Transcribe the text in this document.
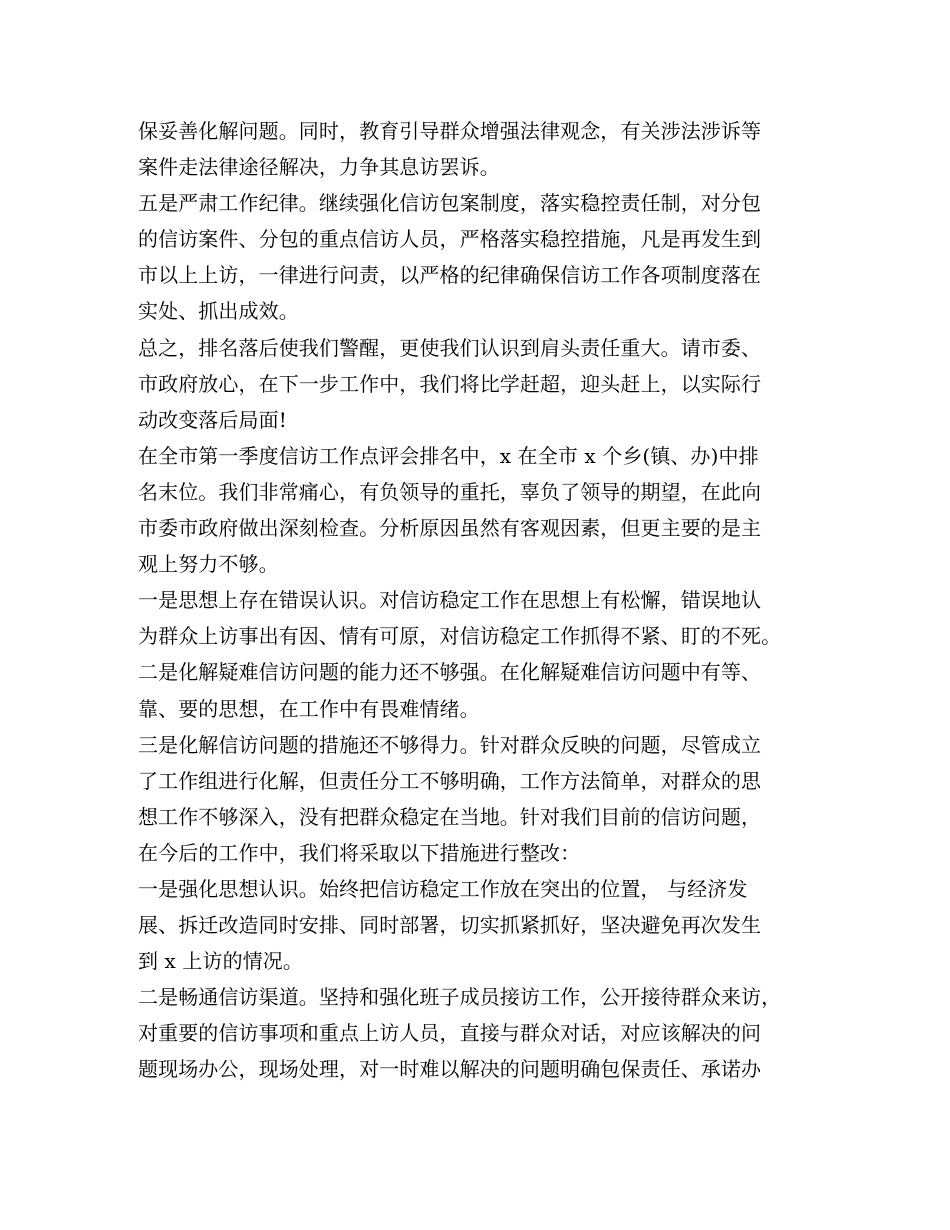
保妥善化解问题。同时，教育引导群众增强法律观念，有关涉法涉诉等
案件走法律途径解决，力争其息访罢诉。
五是严肃工作纪律。继续强化信访包案制度，落实稳控责任制，对分包
的信访案件、分包的重点信访人员，严格落实稳控措施，凡是再发生到
市以上上访，一律进行问责，以严格的纪律确保信访工作各项制度落在
实处、抓出成效。
总之，排名落后使我们警醒，更使我们认识到肩头责任重大。请市委、
市政府放心，在下一步工作中，我们将比学赶超，迎头赶上，以实际行
动改变落后局面!
在全市第一季度信访工作点评会排名中，x 在全市 x 个乡(镇、办)中排
名末位。我们非常痛心，有负领导的重托，辜负了领导的期望，在此向
市委市政府做出深刻检查。分析原因虽然有客观因素，但更主要的是主
观上努力不够。
一是思想上存在错误认识。对信访稳定工作在思想上有松懈，错误地认
为群众上访事出有因、情有可原，对信访稳定工作抓得不紧、盯的不死。
二是化解疑难信访问题的能力还不够强。在化解疑难信访问题中有等、
靠、要的思想，在工作中有畏难情绪。
三是化解信访问题的措施还不够得力。针对群众反映的问题，尽管成立
了工作组进行化解，但责任分工不够明确，工作方法简单，对群众的思
想工作不够深入，没有把群众稳定在当地。针对我们目前的信访问题，
在今后的工作中，我们将采取以下措施进行整改：
一是强化思想认识。始终把信访稳定工作放在突出的位置， 与经济发
展、拆迁改造同时安排、同时部署，切实抓紧抓好，坚决避免再次发生
到 x 上访的情况。
二是畅通信访渠道。坚持和强化班子成员接访工作，公开接待群众来访，
对重要的信访事项和重点上访人员，直接与群众对话，对应该解决的问
题现场办公，现场处理，对一时难以解决的问题明确包保责任、承诺办
